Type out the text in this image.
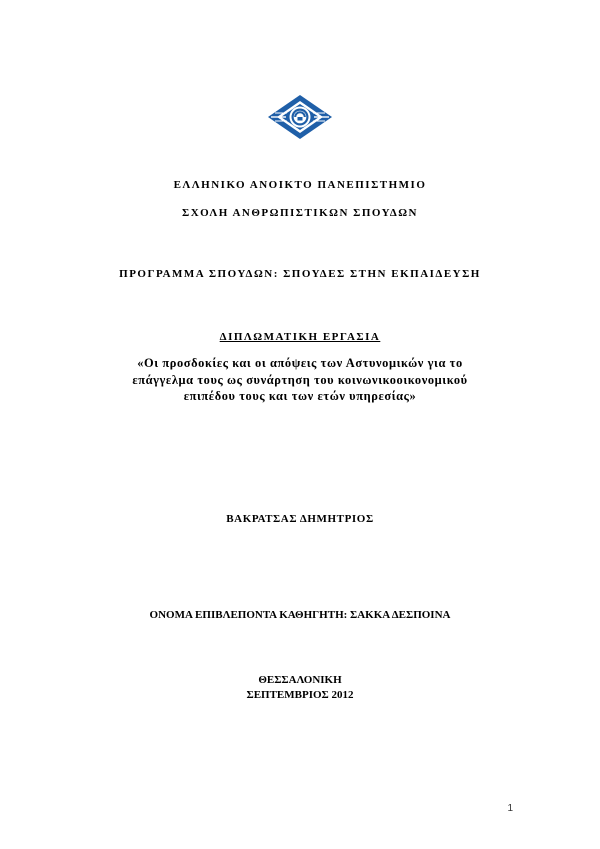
ΕΛΛΗΝΙΚΟ ΑΝΟΙΚΤΟ ΠΑΝΕΠΙΣΤΗΜΙΟ
ΣΧΟΛΗ ΑΝΘΡΩΠΙΣΤΙΚΩΝ ΣΠΟΥΔΩΝ
ΠΡΟΓΡΑΜΜΑ ΣΠΟΥΔΩΝ: ΣΠΟΥΔΕΣ ΣΤΗΝ ΕΚΠΑΙΔΕΥΣΗ
ΔΙΠΛΩΜΑΤΙΚΗ ΕΡΓΑΣΙΑ
«Οι προσδοκίες και οι απόψεις των Αστυνομικών για το
επάγγελμα τους ως συνάρτηση του κοινωνικοοικονομικού
επιπέδου τους και των ετών υπηρεσίας»
ΒΑΚΡΑΤΣΑΣ ΔΗΜΗΤΡΙΟΣ
ΟΝΟΜΑ ΕΠΙΒΛΕΠΟΝΤΑ ΚΑΘΗΓΗΤΗ: ΣΑΚΚΑ ΔΕΣΠΟΙΝΑ
ΘΕΣΣΑΛΟΝΙΚΗ
ΣΕΠΤΕΜΒΡΙΟΣ 2012
1
